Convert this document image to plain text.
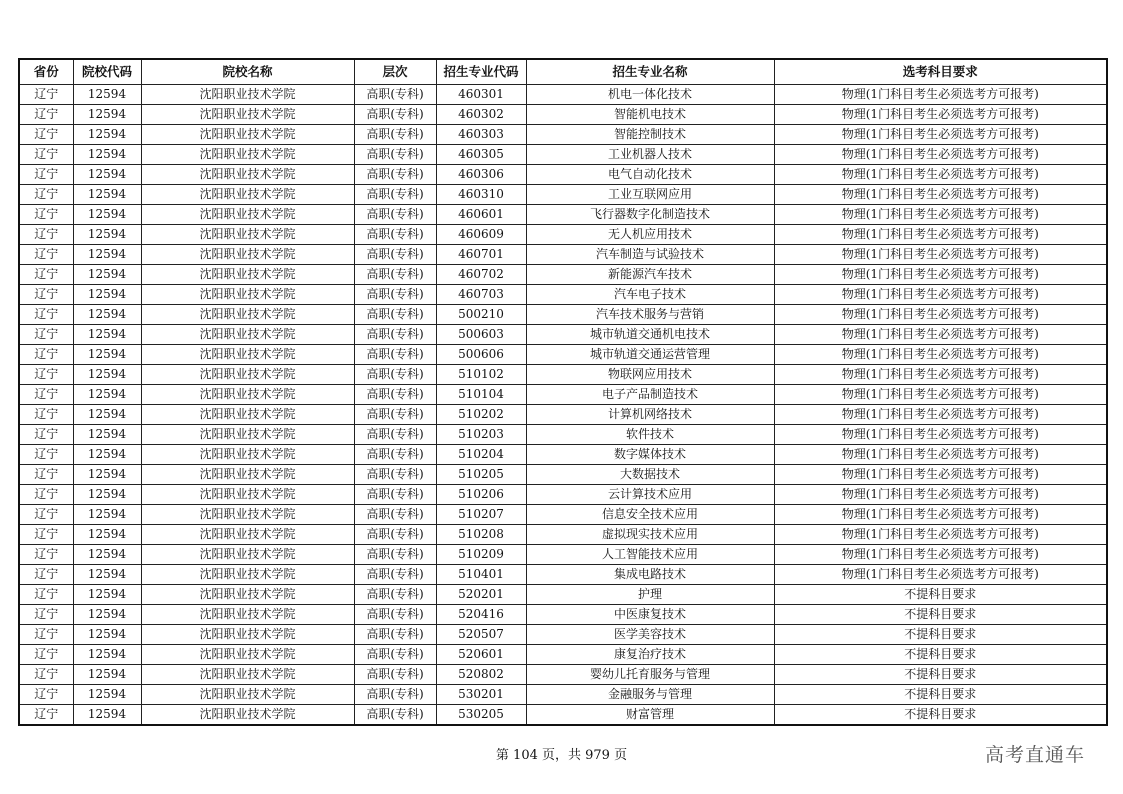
省份	院校代码	院校名称	层次	招生专业代码	招生专业名称	选考科目要求
辽宁	12594	沈阳职业技术学院	高职(专科)	460301	机电一体化技术	物理(1门科目考生必须选考方可报考)
辽宁	12594	沈阳职业技术学院	高职(专科)	460302	智能机电技术	物理(1门科目考生必须选考方可报考)
辽宁	12594	沈阳职业技术学院	高职(专科)	460303	智能控制技术	物理(1门科目考生必须选考方可报考)
辽宁	12594	沈阳职业技术学院	高职(专科)	460305	工业机器人技术	物理(1门科目考生必须选考方可报考)
辽宁	12594	沈阳职业技术学院	高职(专科)	460306	电气自动化技术	物理(1门科目考生必须选考方可报考)
辽宁	12594	沈阳职业技术学院	高职(专科)	460310	工业互联网应用	物理(1门科目考生必须选考方可报考)
辽宁	12594	沈阳职业技术学院	高职(专科)	460601	飞行器数字化制造技术	物理(1门科目考生必须选考方可报考)
辽宁	12594	沈阳职业技术学院	高职(专科)	460609	无人机应用技术	物理(1门科目考生必须选考方可报考)
辽宁	12594	沈阳职业技术学院	高职(专科)	460701	汽车制造与试验技术	物理(1门科目考生必须选考方可报考)
辽宁	12594	沈阳职业技术学院	高职(专科)	460702	新能源汽车技术	物理(1门科目考生必须选考方可报考)
辽宁	12594	沈阳职业技术学院	高职(专科)	460703	汽车电子技术	物理(1门科目考生必须选考方可报考)
辽宁	12594	沈阳职业技术学院	高职(专科)	500210	汽车技术服务与营销	物理(1门科目考生必须选考方可报考)
辽宁	12594	沈阳职业技术学院	高职(专科)	500603	城市轨道交通机电技术	物理(1门科目考生必须选考方可报考)
辽宁	12594	沈阳职业技术学院	高职(专科)	500606	城市轨道交通运营管理	物理(1门科目考生必须选考方可报考)
辽宁	12594	沈阳职业技术学院	高职(专科)	510102	物联网应用技术	物理(1门科目考生必须选考方可报考)
辽宁	12594	沈阳职业技术学院	高职(专科)	510104	电子产品制造技术	物理(1门科目考生必须选考方可报考)
辽宁	12594	沈阳职业技术学院	高职(专科)	510202	计算机网络技术	物理(1门科目考生必须选考方可报考)
辽宁	12594	沈阳职业技术学院	高职(专科)	510203	软件技术	物理(1门科目考生必须选考方可报考)
辽宁	12594	沈阳职业技术学院	高职(专科)	510204	数字媒体技术	物理(1门科目考生必须选考方可报考)
辽宁	12594	沈阳职业技术学院	高职(专科)	510205	大数据技术	物理(1门科目考生必须选考方可报考)
辽宁	12594	沈阳职业技术学院	高职(专科)	510206	云计算技术应用	物理(1门科目考生必须选考方可报考)
辽宁	12594	沈阳职业技术学院	高职(专科)	510207	信息安全技术应用	物理(1门科目考生必须选考方可报考)
辽宁	12594	沈阳职业技术学院	高职(专科)	510208	虚拟现实技术应用	物理(1门科目考生必须选考方可报考)
辽宁	12594	沈阳职业技术学院	高职(专科)	510209	人工智能技术应用	物理(1门科目考生必须选考方可报考)
辽宁	12594	沈阳职业技术学院	高职(专科)	510401	集成电路技术	物理(1门科目考生必须选考方可报考)
辽宁	12594	沈阳职业技术学院	高职(专科)	520201	护理	不提科目要求
辽宁	12594	沈阳职业技术学院	高职(专科)	520416	中医康复技术	不提科目要求
辽宁	12594	沈阳职业技术学院	高职(专科)	520507	医学美容技术	不提科目要求
辽宁	12594	沈阳职业技术学院	高职(专科)	520601	康复治疗技术	不提科目要求
辽宁	12594	沈阳职业技术学院	高职(专科)	520802	婴幼儿托育服务与管理	不提科目要求
辽宁	12594	沈阳职业技术学院	高职(专科)	530201	金融服务与管理	不提科目要求
辽宁	12594	沈阳职业技术学院	高职(专科)	530205	财富管理	不提科目要求
第 104 页，共 979 页	高考直通车
